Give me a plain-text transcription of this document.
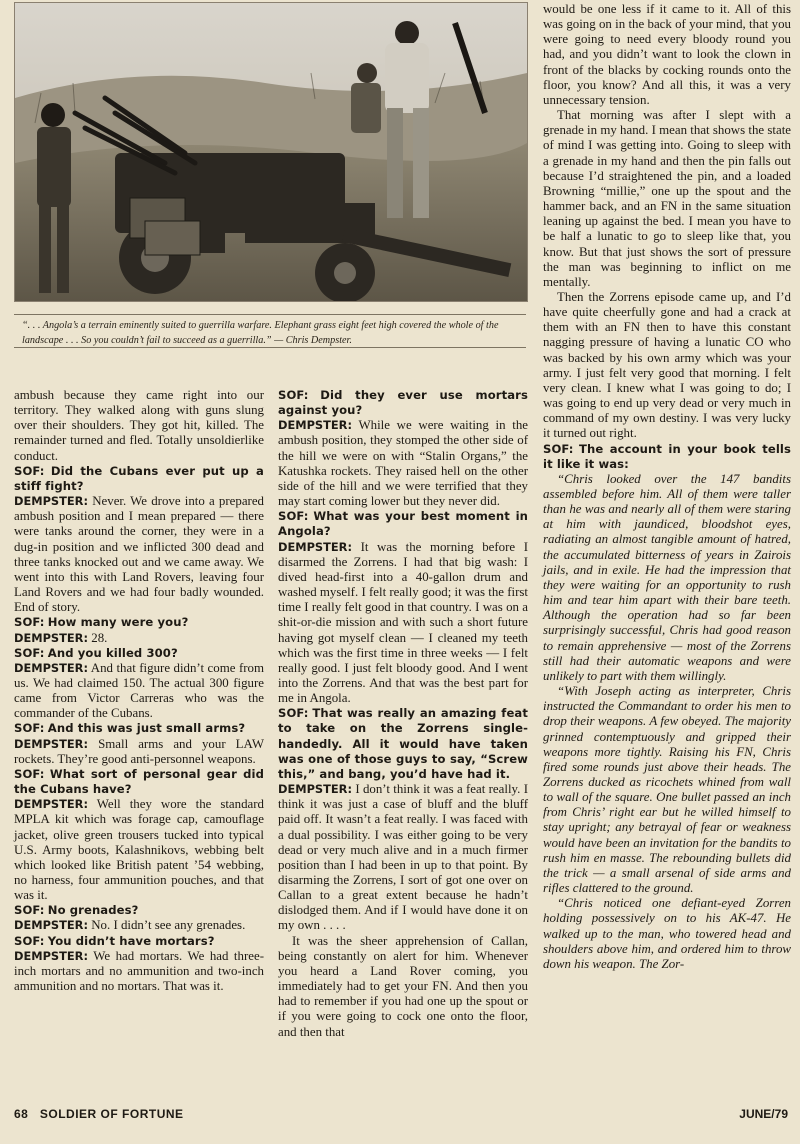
“. . . Angola’s a terrain eminently suited to guerrilla warfare. Elephant grass eight feet high covered the whole of the landscape . . . So you couldn’t fail to succeed as a guerrilla.” — Chris Dempster.

ambush because they came right into our territory. They walked along with guns slung over their shoulders. They got hit, killed. The remainder turned and fled. Totally unsoldierlike conduct.

SOF: Did the Cubans ever put up a stiff fight?

DEMPSTER: Never. We drove into a prepared ambush position and I mean prepared — there were tanks around the corner, they were in a dug-in position and we inflicted 300 dead and three tanks knocked out and we came away. We went into this with Land Rovers, leaving four Land Rovers and we had four badly wounded. End of story.

SOF: How many were you?

DEMPSTER: 28.

SOF: And you killed 300?

DEMPSTER: And that figure didn’t come from us. We had claimed 150. The actual 300 figure came from Victor Carreras who was the commander of the Cubans.

SOF: And this was just small arms?

DEMPSTER: Small arms and your LAW rockets. They’re good anti-personnel weapons.

SOF: What sort of personal gear did the Cubans have?

DEMPSTER: Well they wore the standard MPLA kit which was forage cap, camouflage jacket, olive green trousers tucked into typical U.S. Army boots, Kalashnikovs, webbing belt which looked like British patent ’54 webbing, no harness, four ammunition pouches, and that was it.

SOF: No grenades?

DEMPSTER: No. I didn’t see any grenades.

SOF: You didn’t have mortars?

DEMPSTER: We had mortars. We had three-inch mortars and no ammunition and two-inch ammunition and no mortars. That was it.

SOF: Did they ever use mortars against you?

DEMPSTER: While we were waiting in the ambush position, they stomped the other side of the hill we were on with “Stalin Organs,” the Katushka rockets. They raised hell on the other side of the hill and we were terrified that they may start coming lower but they never did.

SOF: What was your best moment in Angola?

DEMPSTER: It was the morning before I disarmed the Zorrens. I had that big wash: I dived head-first into a 40-gallon drum and washed myself. I felt really good; it was the first time I really felt good in that country. I was on a shit-or-die mission and with such a short future having got myself clean — I cleaned my teeth which was the first time in three weeks — I felt really good. I just felt bloody good. And I went into the Zorrens. And that was the best part for me in Angola.

SOF: That was really an amazing feat to take on the Zorrens single-handedly. All it would have taken was one of those guys to say, “Screw this,” and bang, you’d have had it.

DEMPSTER: I don’t think it was a feat really. I think it was just a case of bluff and the bluff paid off. It wasn’t a feat really. I was faced with a dual possibility. I was either going to be very dead or very much alive and in a much firmer position than I had been in up to that point. By disarming the Zorrens, I sort of got one over on Callan to a great extent because he hadn’t dislodged them. And if I would have done it on my own . . . .

It was the sheer apprehension of Callan, being constantly on alert for him. Whenever you heard a Land Rover coming, you immediately had to get your FN. And then you had to remember if you had one up the spout or if you were going to cock one onto the floor, and then that

would be one less if it came to it. All of this was going on in the back of your mind, that you were going to need every bloody round you had, and you didn’t want to look the clown in front of the blacks by cocking rounds onto the floor, you know? And all this, it was a very unnecessary tension.

That morning was after I slept with a grenade in my hand. I mean that shows the state of mind I was getting into. Going to sleep with a grenade in my hand and then the pin falls out because I’d straightened the pin, and a loaded Browning “millie,” one up the spout and the hammer back, and an FN in the same situation leaning up against the bed. I mean you have to be half a lunatic to go to sleep like that, you know. But that just shows the sort of pressure the man was beginning to inflict on me mentally.

Then the Zorrens episode came up, and I’d have quite cheerfully gone and had a crack at them with an FN then to have this constant nagging pressure of having a lunatic CO who was backed by his own army which was your army. I just felt very good that morning. I felt very clean. I knew what I was going to do; I was going to end up very dead or very much in command of my own destiny. I was very lucky it turned out right.

SOF: The account in your book tells it like it was:

“Chris looked over the 147 bandits assembled before him. All of them were taller than he was and nearly all of them were staring at him with jaundiced, bloodshot eyes, radiating an almost tangible amount of hatred, the accumulated bitterness of years in Zairois jails, and in exile. He had the impression that they were waiting for an opportunity to rush him and tear him apart with their bare teeth. Although the operation had so far been surprisingly successful, Chris had good reason to remain apprehensive — most of the Zorrens still had their automatic weapons and were unlikely to part with them willingly.

“With Joseph acting as interpreter, Chris instructed the Commandant to order his men to drop their weapons. A few obeyed. The majority grinned contemptuously and gripped their weapons more tightly. Raising his FN, Chris fired some rounds just above their heads. The Zorrens ducked as ricochets whined from wall to wall of the square. One bullet passed an inch from Chris’ right ear but he willed himself to stay upright; any betrayal of fear or weakness would have been an invitation for the bandits to rush him en masse. The rebounding bullets did the trick — a small arsenal of side arms and rifles clattered to the ground.

“Chris noticed one defiant-eyed Zorren holding possessively on to his AK-47. He walked up to the man, who towered head and shoulders above him, and ordered him to throw down his weapon. The Zor-

68 SOLDIER OF FORTUNE	JUNE/79
